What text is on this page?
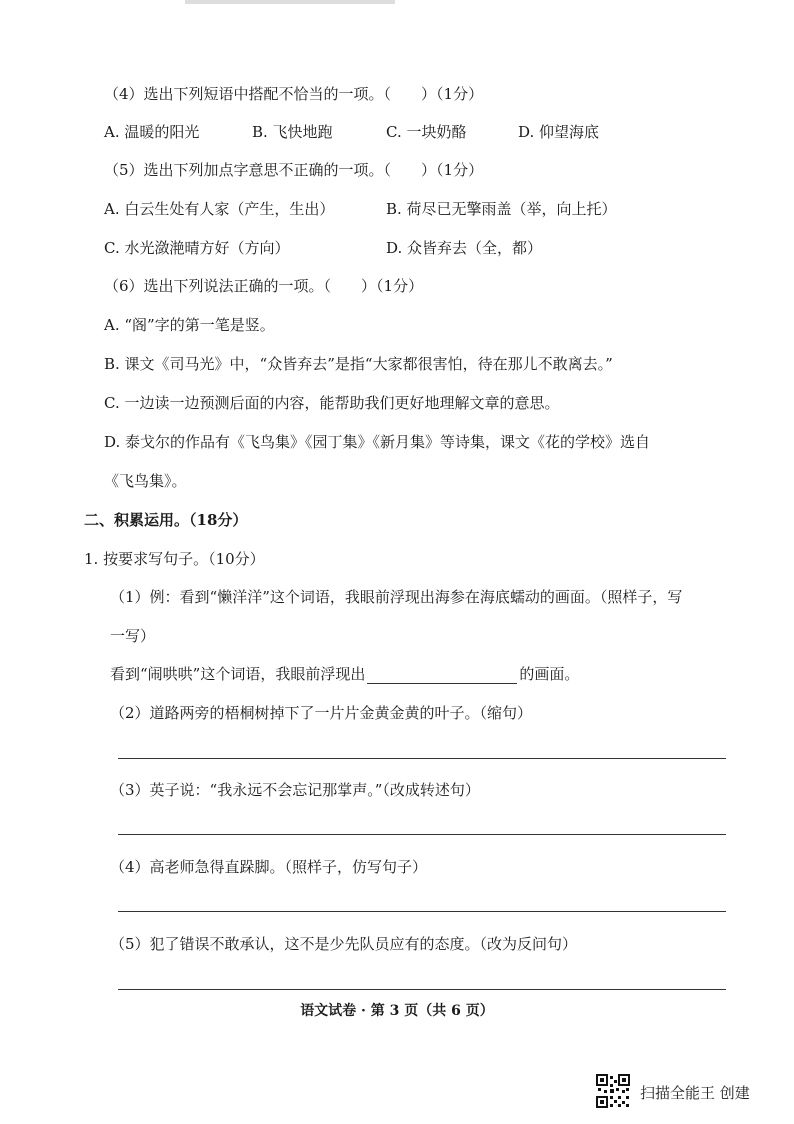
（4）选出下列短语中搭配不恰当的一项。（　　）（1分）
A. 温暖的阳光	B. 飞快地跑	C. 一块奶酪	D. 仰望海底
（5）选出下列加点字意思不正确的一项。（　　）（1分）
A. 白云生处有人家（产生，生出）	B. 荷尽已无擎雨盖（举，向上托）
C. 水光潋滟晴方好（方向）	D. 众皆弃去（全，都）
（6）选出下列说法正确的一项。（　　）（1分）
A. “阁”字的第一笔是竖。
B. 课文《司马光》中，“众皆弃去”是指“大家都很害怕，待在那儿不敢离去。”
C. 一边读一边预测后面的内容，能帮助我们更好地理解文章的意思。
D. 泰戈尔的作品有《飞鸟集》《园丁集》《新月集》等诗集，课文《花的学校》选自
《飞鸟集》。
二、积累运用。（18分）
1. 按要求写句子。（10分）
（1）例：看到“懒洋洋”这个词语，我眼前浮现出海参在海底蠕动的画面。（照样子，写
一写）
看到“闹哄哄”这个词语，我眼前浮现出	的画面。
（2）道路两旁的梧桐树掉下了一片片金黄金黄的叶子。（缩句）
（3）英子说：“我永远不会忘记那掌声。”（改成转述句）
（4）高老师急得直跺脚。（照样子，仿写句子）
（5）犯了错误不敢承认，这不是少先队员应有的态度。（改为反问句）
语文试卷 · 第 3 页（共 6 页）
扫描全能王 创建
